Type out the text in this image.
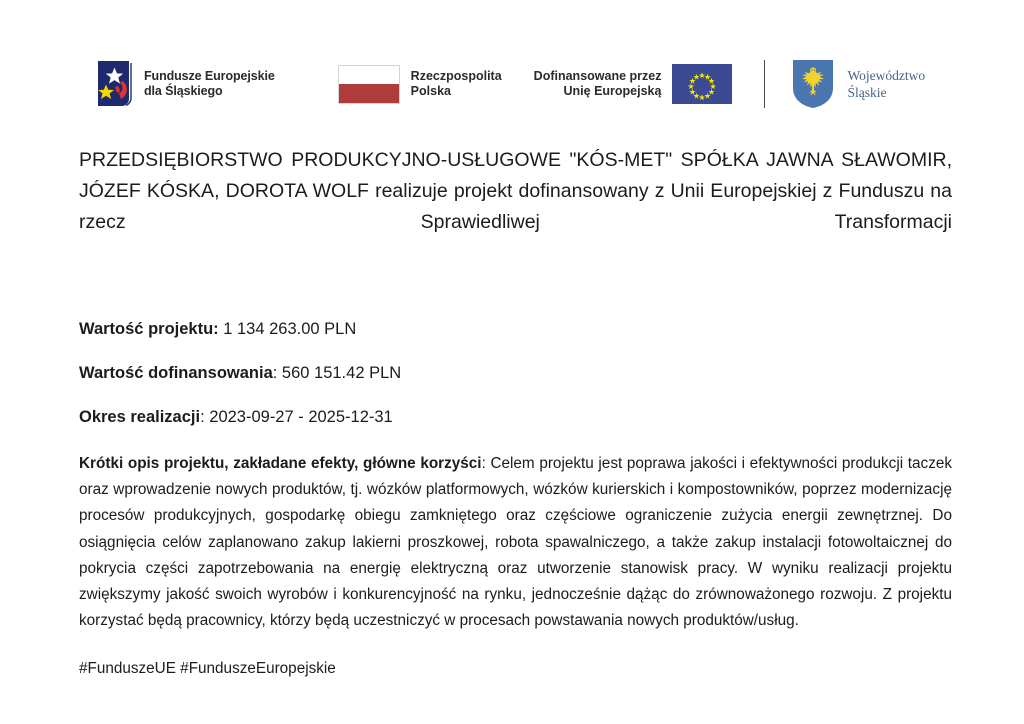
Fundusze Europejskie
dla Śląskiego
Rzeczpospolita
Polska
Dofinansowane przez
Unię Europejską
Województwo
Śląskie

PRZEDSIĘBIORSTWO PRODUKCYJNO-USŁUGOWE "KÓS-MET" SPÓŁKA JAWNA SŁAWOMIR, JÓZEF KÓSKA, DOROTA WOLF realizuje projekt dofinansowany z Unii Europejskiej z Funduszu na rzecz Sprawiedliwej Transformacji

Wartość projektu: 1 134 263.00 PLN
Wartość dofinansowania: 560 151.42 PLN
Okres realizacji: 2023-09-27 - 2025-12-31

Krótki opis projektu, zakładane efekty, główne korzyści: Celem projektu jest poprawa jakości i efektywności produkcji taczek oraz wprowadzenie nowych produktów, tj. wózków platformowych, wózków kurierskich i kompostowników, poprzez modernizację procesów produkcyjnych, gospodarkę obiegu zamkniętego oraz częściowe ograniczenie zużycia energii zewnętrznej. Do osiągnięcia celów zaplanowano zakup lakierni proszkowej, robota spawalniczego, a także zakup instalacji fotowoltaicznej do pokrycia części zapotrzebowania na energię elektryczną oraz utworzenie stanowisk pracy. W wyniku realizacji projektu zwiększymy jakość swoich wyrobów i konkurencyjność na rynku, jednocześnie dążąc do zrównoważonego rozwoju. Z projektu korzystać będą pracownicy, którzy będą uczestniczyć w procesach powstawania nowych produktów/usług.

#FunduszeUE #FunduszeEuropejskie
